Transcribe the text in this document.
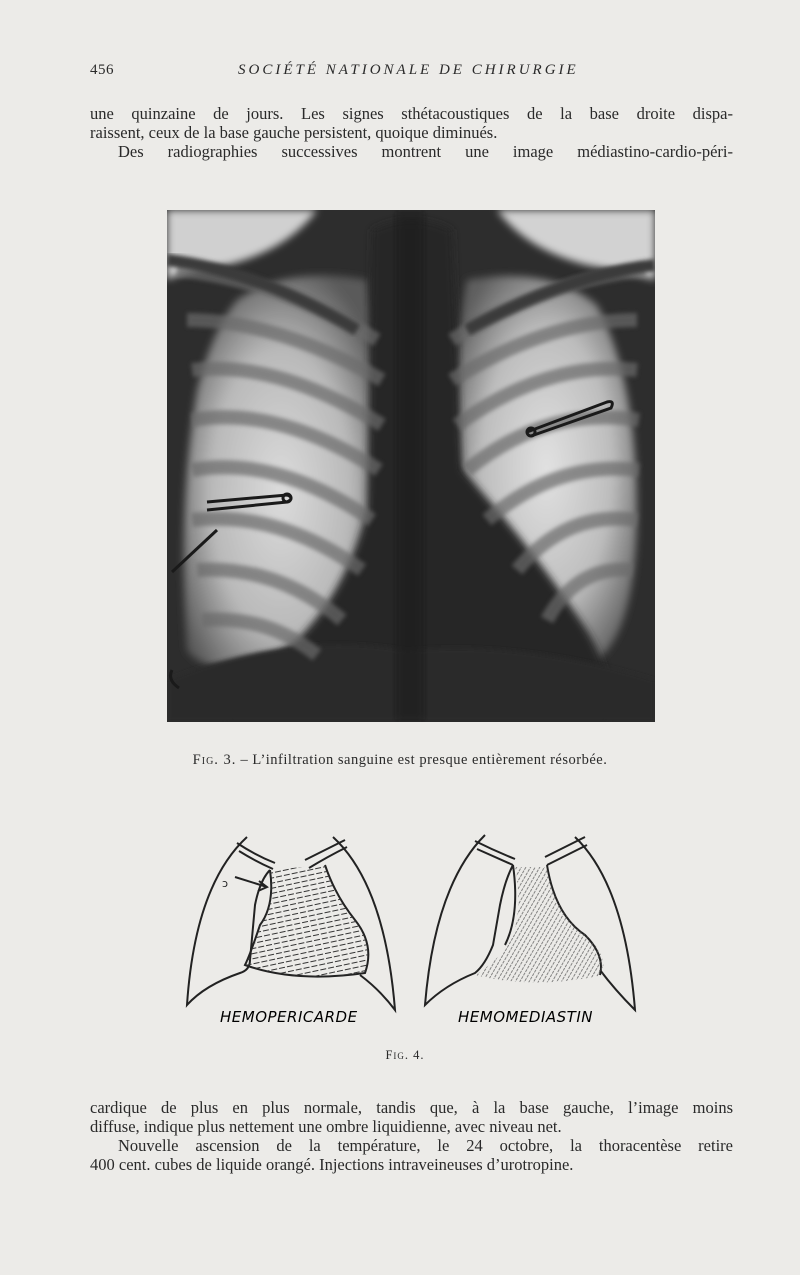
456	SOCIÉTÉ NATIONALE DE CHIRURGIE

une quinzaine de jours. Les signes sthétacoustiques de la base droite dispa-

raissent, ceux de la base gauche persistent, quoique diminués.

Des radiographies successives montrent une image médiastino-cardio-péri-

Fig. 3. – L’infiltration sanguine est presque entièrement résorbée.
ɔ
HEMOPERICARDE	HEMOMEDIASTIN
Fig. 4.

cardique de plus en plus normale, tandis que, à la base gauche, l’image moins

diffuse, indique plus nettement une ombre liquidienne, avec niveau net.

Nouvelle ascension de la température, le 24 octobre, la thoracentèse retire

400 cent. cubes de liquide orangé. Injections intraveineuses d’urotropine.
